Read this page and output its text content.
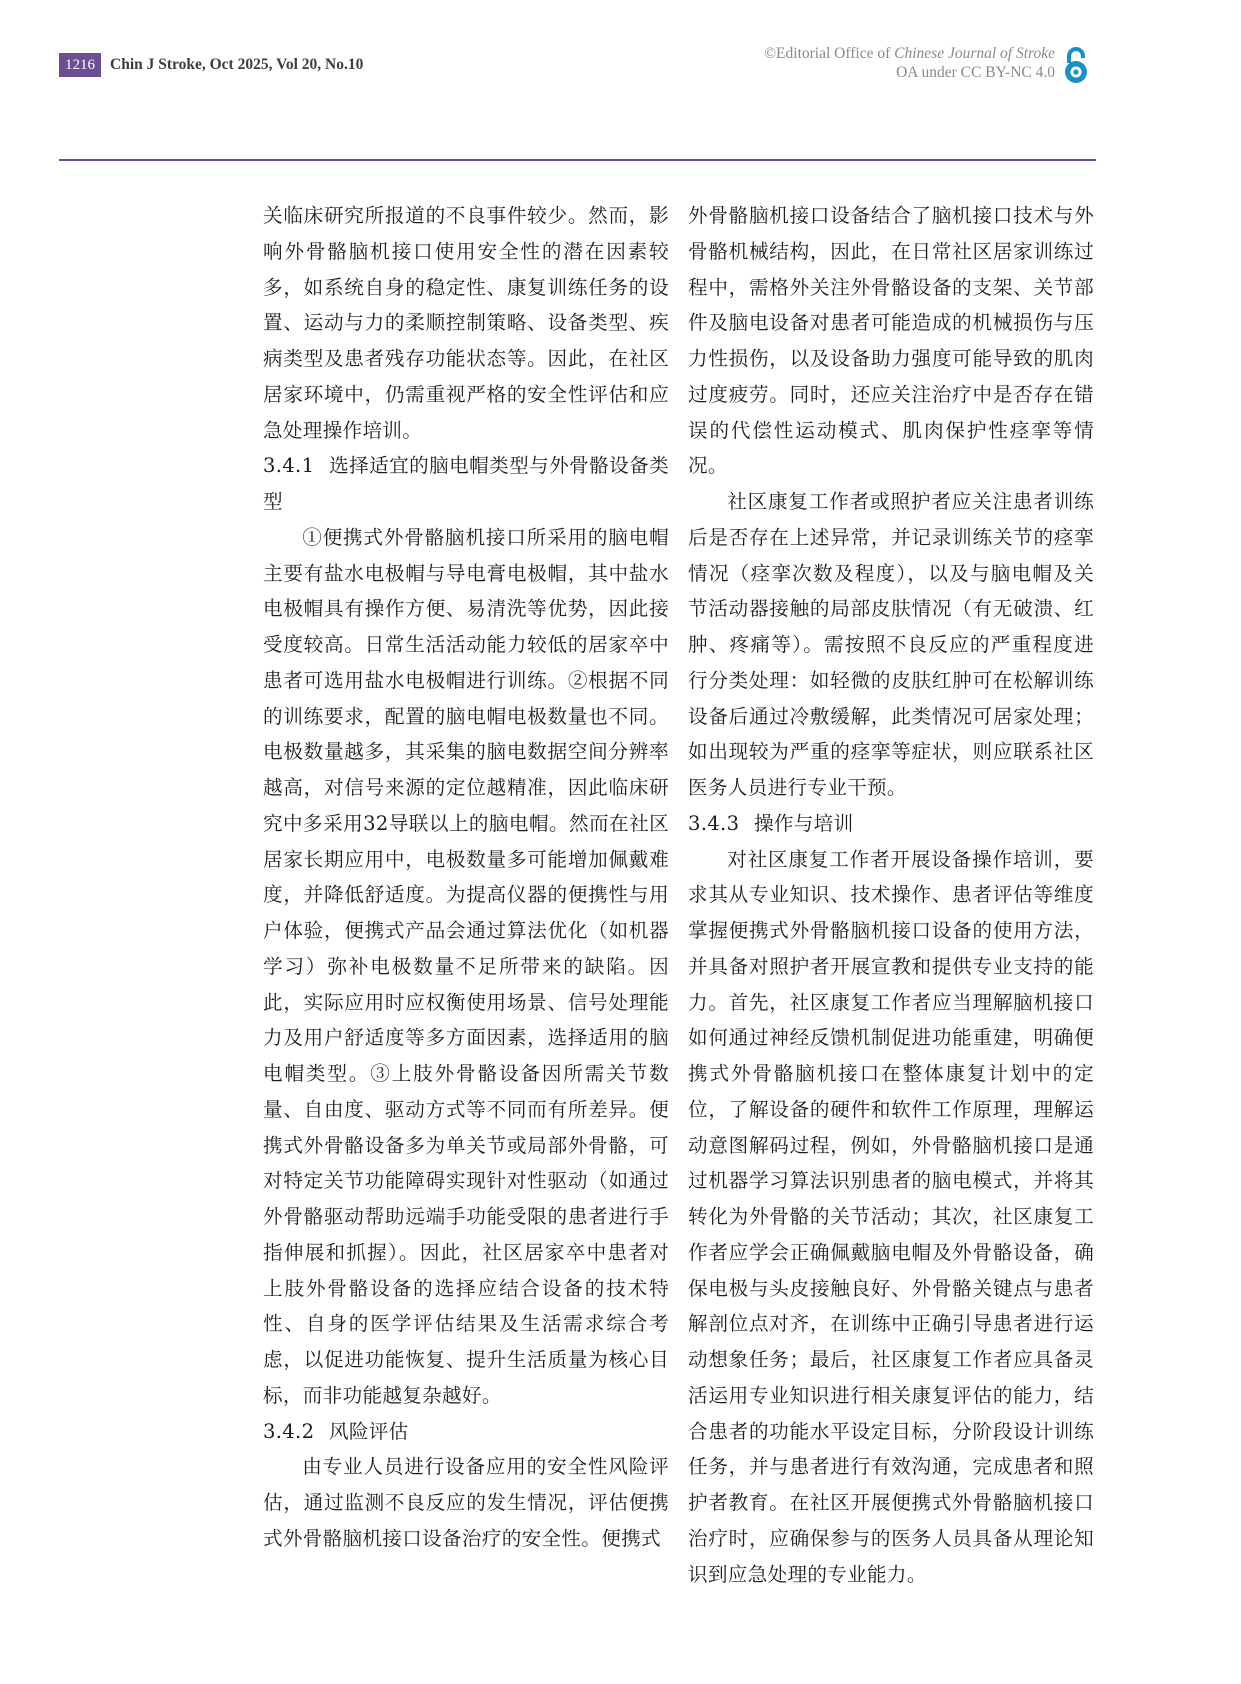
1216 Chin J Stroke, Oct 2025, Vol 20, No.10
©Editorial Office of Chinese Journal of Stroke
OA under CC BY-NC 4.0

关临床研究所报道的不良事件较少。然而，影响外骨骼脑机接口使用安全性的潜在因素较多，如系统自身的稳定性、康复训练任务的设置、运动与力的柔顺控制策略、设备类型、疾病类型及患者残存功能状态等。因此，在社区居家环境中，仍需重视严格的安全性评估和应急处理操作培训。

3.4.1 选择适宜的脑电帽类型与外骨骼设备类型

①便携式外骨骼脑机接口所采用的脑电帽主要有盐水电极帽与导电膏电极帽，其中盐水电极帽具有操作方便、易清洗等优势，因此接受度较高。日常生活活动能力较低的居家卒中患者可选用盐水电极帽进行训练。②根据不同的训练要求，配置的脑电帽电极数量也不同。电极数量越多，其采集的脑电数据空间分辨率越高，对信号来源的定位越精准，因此临床研究中多采用32导联以上的脑电帽。然而在社区居家长期应用中，电极数量多可能增加佩戴难度，并降低舒适度。为提高仪器的便携性与用户体验，便携式产品会通过算法优化（如机器学习）弥补电极数量不足所带来的缺陷。因此，实际应用时应权衡使用场景、信号处理能力及用户舒适度等多方面因素，选择适用的脑电帽类型。③上肢外骨骼设备因所需关节数量、自由度、驱动方式等不同而有所差异。便携式外骨骼设备多为单关节或局部外骨骼，可对特定关节功能障碍实现针对性驱动（如通过外骨骼驱动帮助远端手功能受限的患者进行手指伸展和抓握）。因此，社区居家卒中患者对上肢外骨骼设备的选择应结合设备的技术特性、自身的医学评估结果及生活需求综合考虑，以促进功能恢复、提升生活质量为核心目标，而非功能越复杂越好。

3.4.2 风险评估

由专业人员进行设备应用的安全性风险评估，通过监测不良反应的发生情况，评估便携式外骨骼脑机接口设备治疗的安全性。便携式

外骨骼脑机接口设备结合了脑机接口技术与外骨骼机械结构，因此，在日常社区居家训练过程中，需格外关注外骨骼设备的支架、关节部件及脑电设备对患者可能造成的机械损伤与压力性损伤，以及设备助力强度可能导致的肌肉过度疲劳。同时，还应关注治疗中是否存在错误的代偿性运动模式、肌肉保护性痉挛等情况。

社区康复工作者或照护者应关注患者训练后是否存在上述异常，并记录训练关节的痉挛情况（痉挛次数及程度），以及与脑电帽及关节活动器接触的局部皮肤情况（有无破溃、红肿、疼痛等）。需按照不良反应的严重程度进行分类处理：如轻微的皮肤红肿可在松解训练设备后通过冷敷缓解，此类情况可居家处理；如出现较为严重的痉挛等症状，则应联系社区医务人员进行专业干预。

3.4.3 操作与培训

对社区康复工作者开展设备操作培训，要求其从专业知识、技术操作、患者评估等维度掌握便携式外骨骼脑机接口设备的使用方法，并具备对照护者开展宣教和提供专业支持的能力。首先，社区康复工作者应当理解脑机接口如何通过神经反馈机制促进功能重建，明确便携式外骨骼脑机接口在整体康复计划中的定位，了解设备的硬件和软件工作原理，理解运动意图解码过程，例如，外骨骼脑机接口是通过机器学习算法识别患者的脑电模式，并将其转化为外骨骼的关节活动；其次，社区康复工作者应学会正确佩戴脑电帽及外骨骼设备，确保电极与头皮接触良好、外骨骼关键点与患者解剖位点对齐，在训练中正确引导患者进行运动想象任务；最后，社区康复工作者应具备灵活运用专业知识进行相关康复评估的能力，结合患者的功能水平设定目标，分阶段设计训练任务，并与患者进行有效沟通，完成患者和照护者教育。在社区开展便携式外骨骼脑机接口治疗时，应确保参与的医务人员具备从理论知识到应急处理的专业能力。
